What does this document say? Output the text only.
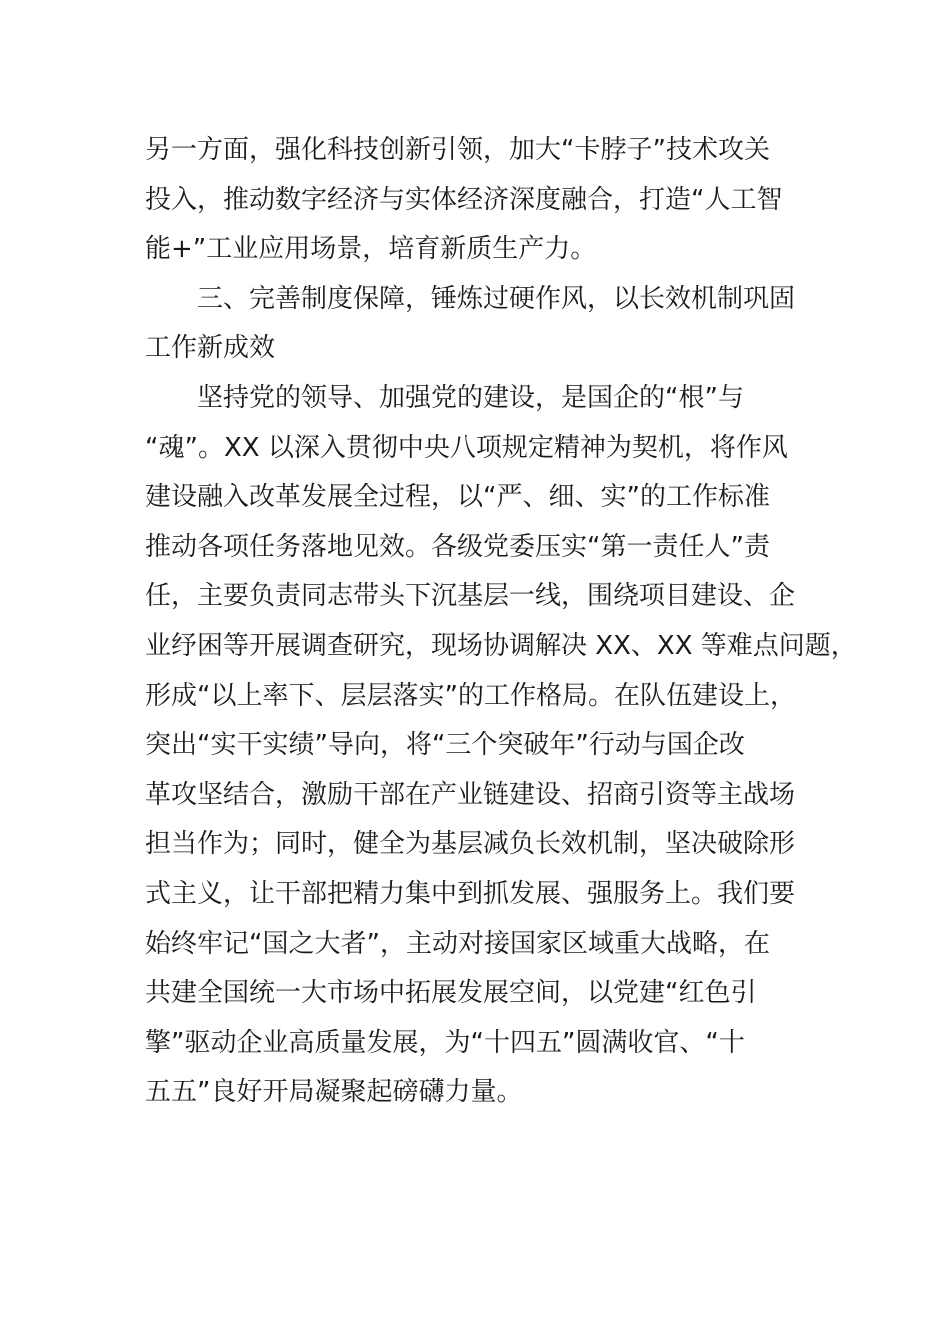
另一方面，强化科技创新引领，加大“卡脖子”技术攻关
投入，推动数字经济与实体经济深度融合，打造“人工智
能+”工业应用场景，培育新质生产力。
三、完善制度保障，锤炼过硬作风，以长效机制巩固
工作新成效
坚持党的领导、加强党的建设，是国企的“根”与
“魂”。XX 以深入贯彻中央八项规定精神为契机，将作风
建设融入改革发展全过程，以“严、细、实”的工作标准
推动各项任务落地见效。各级党委压实“第一责任人”责
任，主要负责同志带头下沉基层一线，围绕项目建设、企
业纾困等开展调查研究，现场协调解决 XX、XX 等难点问题，
形成“以上率下、层层落实”的工作格局。在队伍建设上，
突出“实干实绩”导向，将“三个突破年”行动与国企改
革攻坚结合，激励干部在产业链建设、招商引资等主战场
担当作为；同时，健全为基层减负长效机制，坚决破除形
式主义，让干部把精力集中到抓发展、强服务上。我们要
始终牢记“国之大者”，主动对接国家区域重大战略，在
共建全国统一大市场中拓展发展空间，以党建“红色引
擎”驱动企业高质量发展，为“十四五”圆满收官、“十
五五”良好开局凝聚起磅礴力量。
